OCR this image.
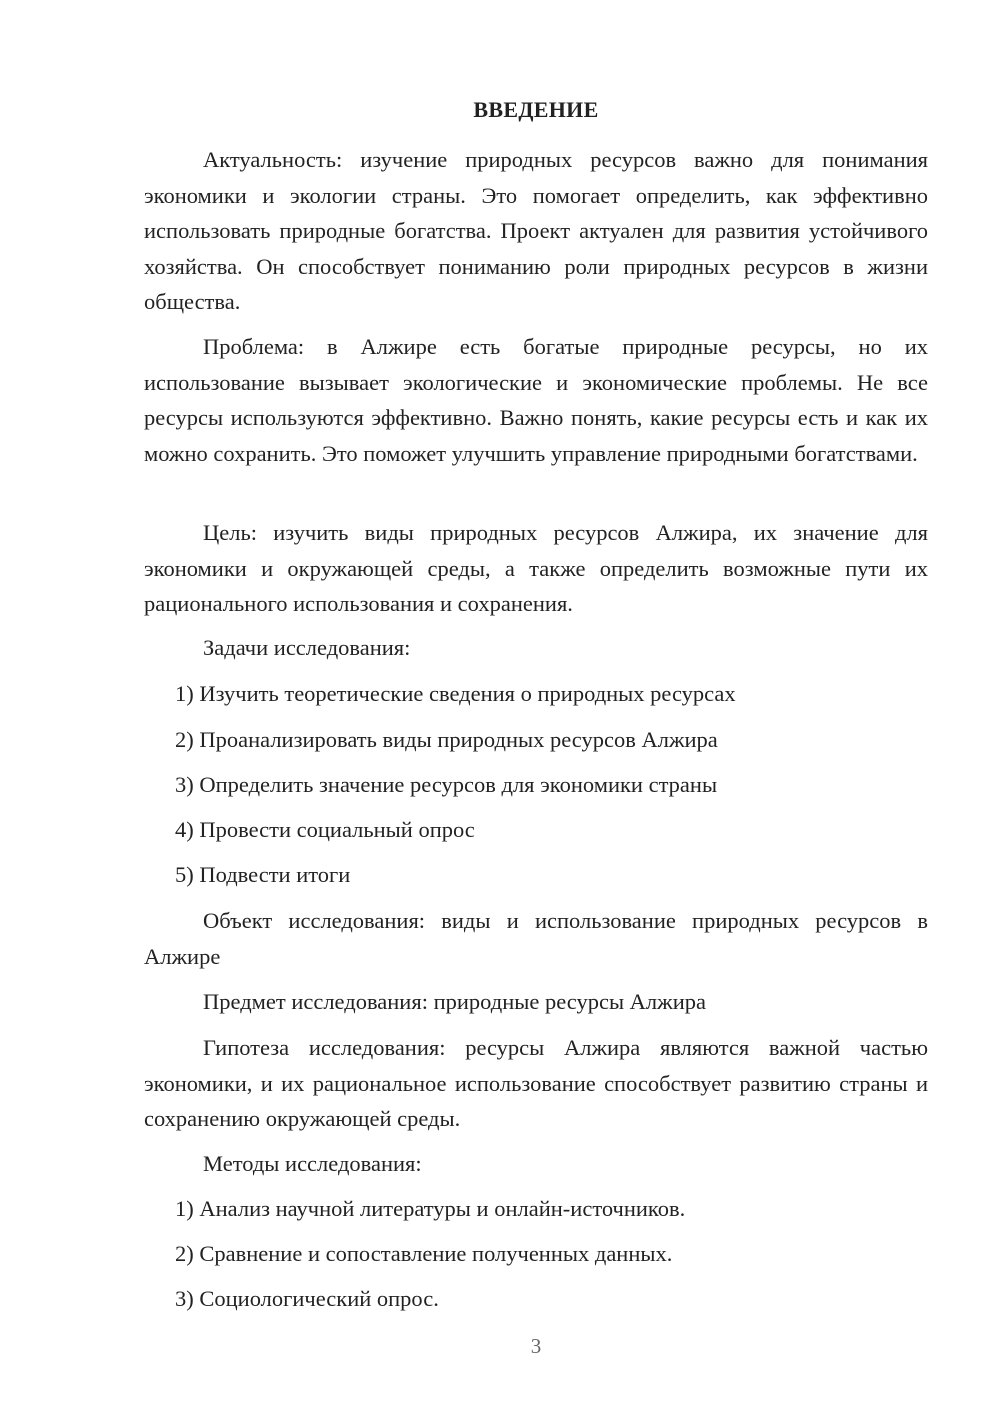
ВВЕДЕНИЕ

Актуальность: изучение природных ресурсов важно для понимания экономики и экологии страны. Это помогает определить, как эффективно использовать природные богатства. Проект актуален для развития устойчивого хозяйства. Он способствует пониманию роли природных ресурсов в жизни общества.

Проблема: в Алжире есть богатые природные ресурсы, но их использование вызывает экологические и экономические проблемы. Не все ресурсы используются эффективно. Важно понять, какие ресурсы есть и как их можно сохранить. Это поможет улучшить управление природными богатствами.

Цель: изучить виды природных ресурсов Алжира, их значение для экономики и окружающей среды, а также определить возможные пути их рационального использования и сохранения.

Задачи исследования:

1) Изучить теоретические сведения о природных ресурсах

2) Проанализировать виды природных ресурсов Алжира

3) Определить значение ресурсов для экономики страны

4) Провести социальный опрос

5) Подвести итоги

Объект исследования: виды и использование природных ресурсов в Алжире

Предмет исследования: природные ресурсы Алжира

Гипотеза исследования: ресурсы Алжира являются важной частью экономики, и их рациональное использование способствует развитию страны и сохранению окружающей среды.

Методы исследования:

1) Анализ научной литературы и онлайн-источников.

2) Сравнение и сопоставление полученных данных.

3) Социологический опрос.

3
